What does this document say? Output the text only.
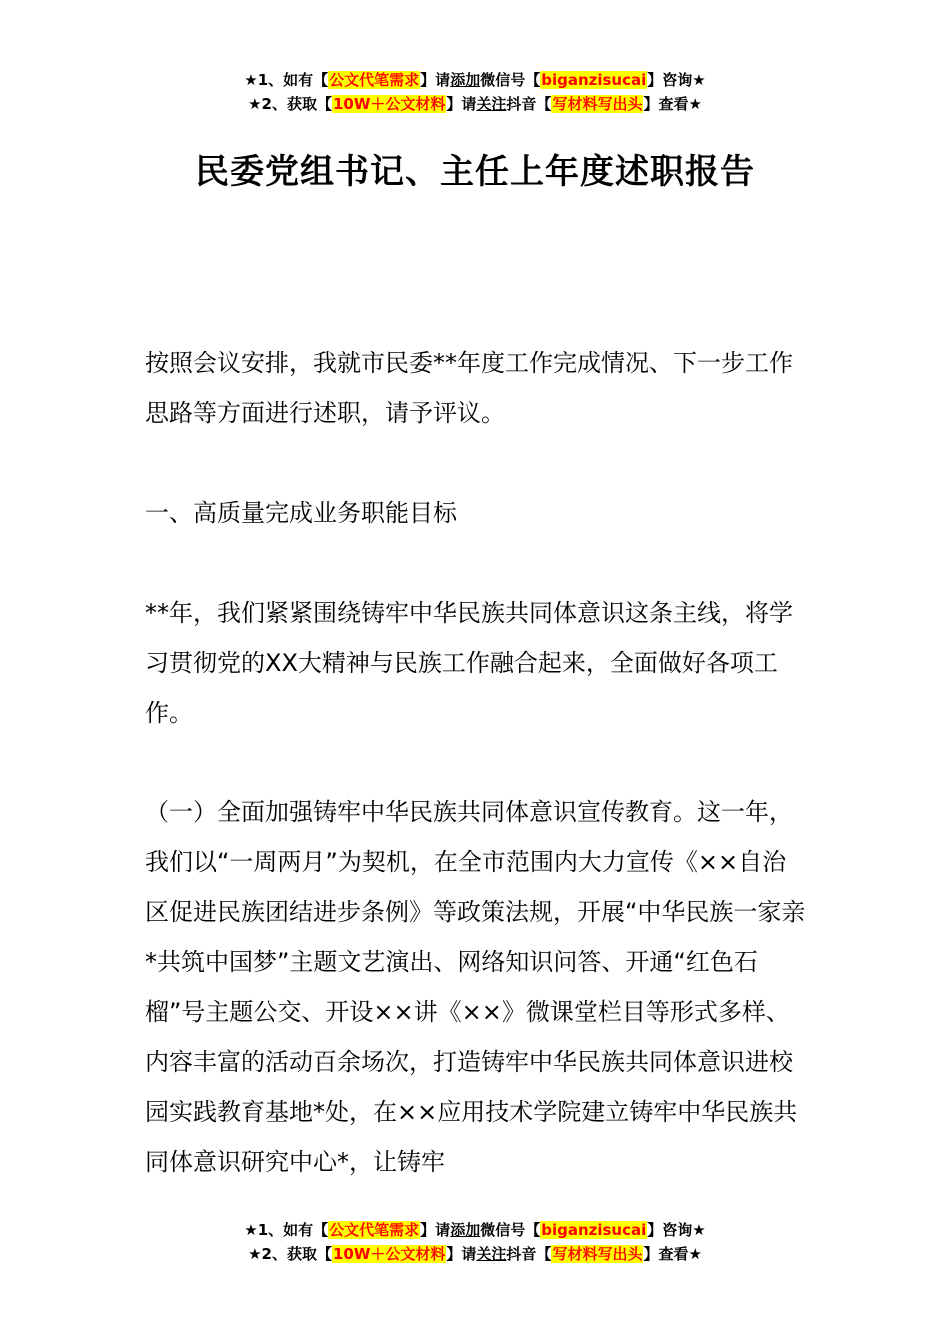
★1、如有【公文代笔需求】请添加微信号【biganzisucai】咨询★
★2、获取【10W＋公文材料】请关注抖音【写材料写出头】查看★
民委党组书记、主任上年度述职报告

按照会议安排，我就市民委**年度工作完成情况、下一步工作思路等方面进行述职，请予评议。

一、高质量完成业务职能目标

**年，我们紧紧围绕铸牢中华民族共同体意识这条主线，将学习贯彻党的XX大精神与民族工作融合起来，全面做好各项工作。

（一）全面加强铸牢中华民族共同体意识宣传教育。这一年，我们以“一周两月”为契机，在全市范围内大力宣传《××自治区促进民族团结进步条例》等政策法规，开展“中华民族一家亲*共筑中国梦”主题文艺演出、网络知识问答、开通“红色石榴”号主题公交、开设××讲《××》微课堂栏目等形式多样、内容丰富的活动百余场次，打造铸牢中华民族共同体意识进校园实践教育基地*处，在××应用技术学院建立铸牢中华民族共同体意识研究中心*，让铸牢

★1、如有【公文代笔需求】请添加微信号【biganzisucai】咨询★
★2、获取【10W＋公文材料】请关注抖音【写材料写出头】查看★
